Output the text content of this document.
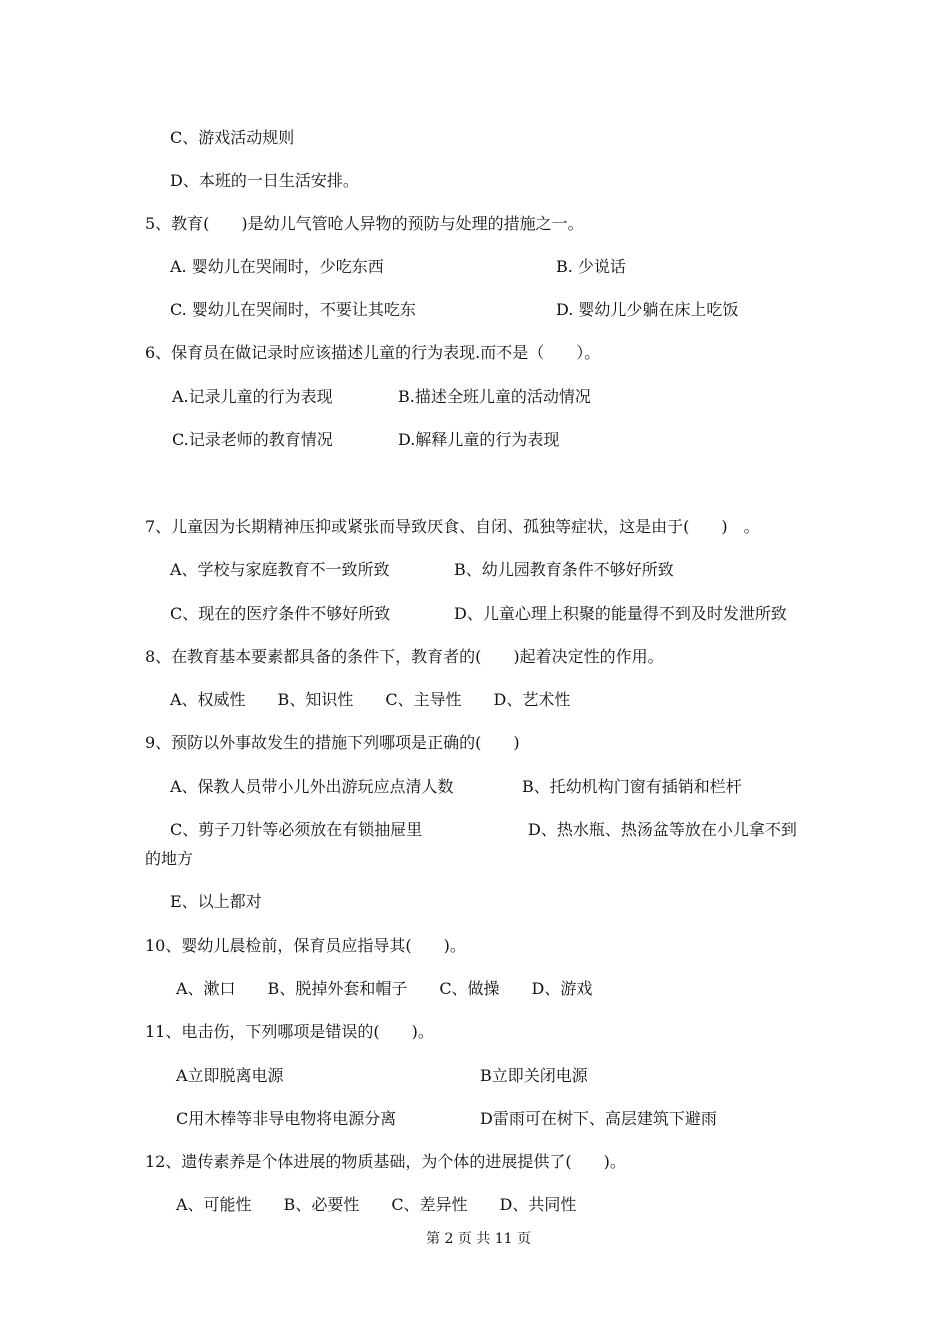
C、游戏活动规则
D、本班的一日生活安排。
5、教育(　　)是幼儿气管呛人异物的预防与处理的措施之一。
A. 婴幼儿在哭闹时，少吃东西	B. 少说话
C. 婴幼儿在哭闹时，不要让其吃东	D. 婴幼儿少躺在床上吃饭
6、保育员在做记录时应该描述儿童的行为表现.而不是（　　）。
A.记录儿童的行为表现	B.描述全班儿童的活动情况
C.记录老师的教育情况	D.解释儿童的行为表现
7、儿童因为长期精神压抑或紧张而导致厌食、自闭、孤独等症状，这是由于(　　)　。
A、学校与家庭教育不一致所致	B、幼儿园教育条件不够好所致
C、现在的医疗条件不够好所致	D、儿童心理上积聚的能量得不到及时发泄所致
8、在教育基本要素都具备的条件下，教育者的(　　)起着决定性的作用。
A、权威性　　B、知识性　　C、主导性　　D、艺术性
9、预防以外事故发生的措施下列哪项是正确的(　　)
A、保教人员带小儿外出游玩应点清人数	B、托幼机构门窗有插销和栏杆
C、剪子刀针等必须放在有锁抽屉里	D、热水瓶、热汤盆等放在小儿拿不到
的地方
E、以上都对
10、婴幼儿晨检前，保育员应指导其(　　)。
A、漱口　　B、脱掉外套和帽子　　C、做操　　D、游戏
11、电击伤，下列哪项是错误的(　　)。
A立即脱离电源	B立即关闭电源
C用木棒等非导电物将电源分离	D雷雨可在树下、高层建筑下避雨
12、遗传素养是个体进展的物质基础，为个体的进展提供了(　　)。
A、可能性　　B、必要性　　C、差异性　　D、共同性
第 2 页 共 11 页
